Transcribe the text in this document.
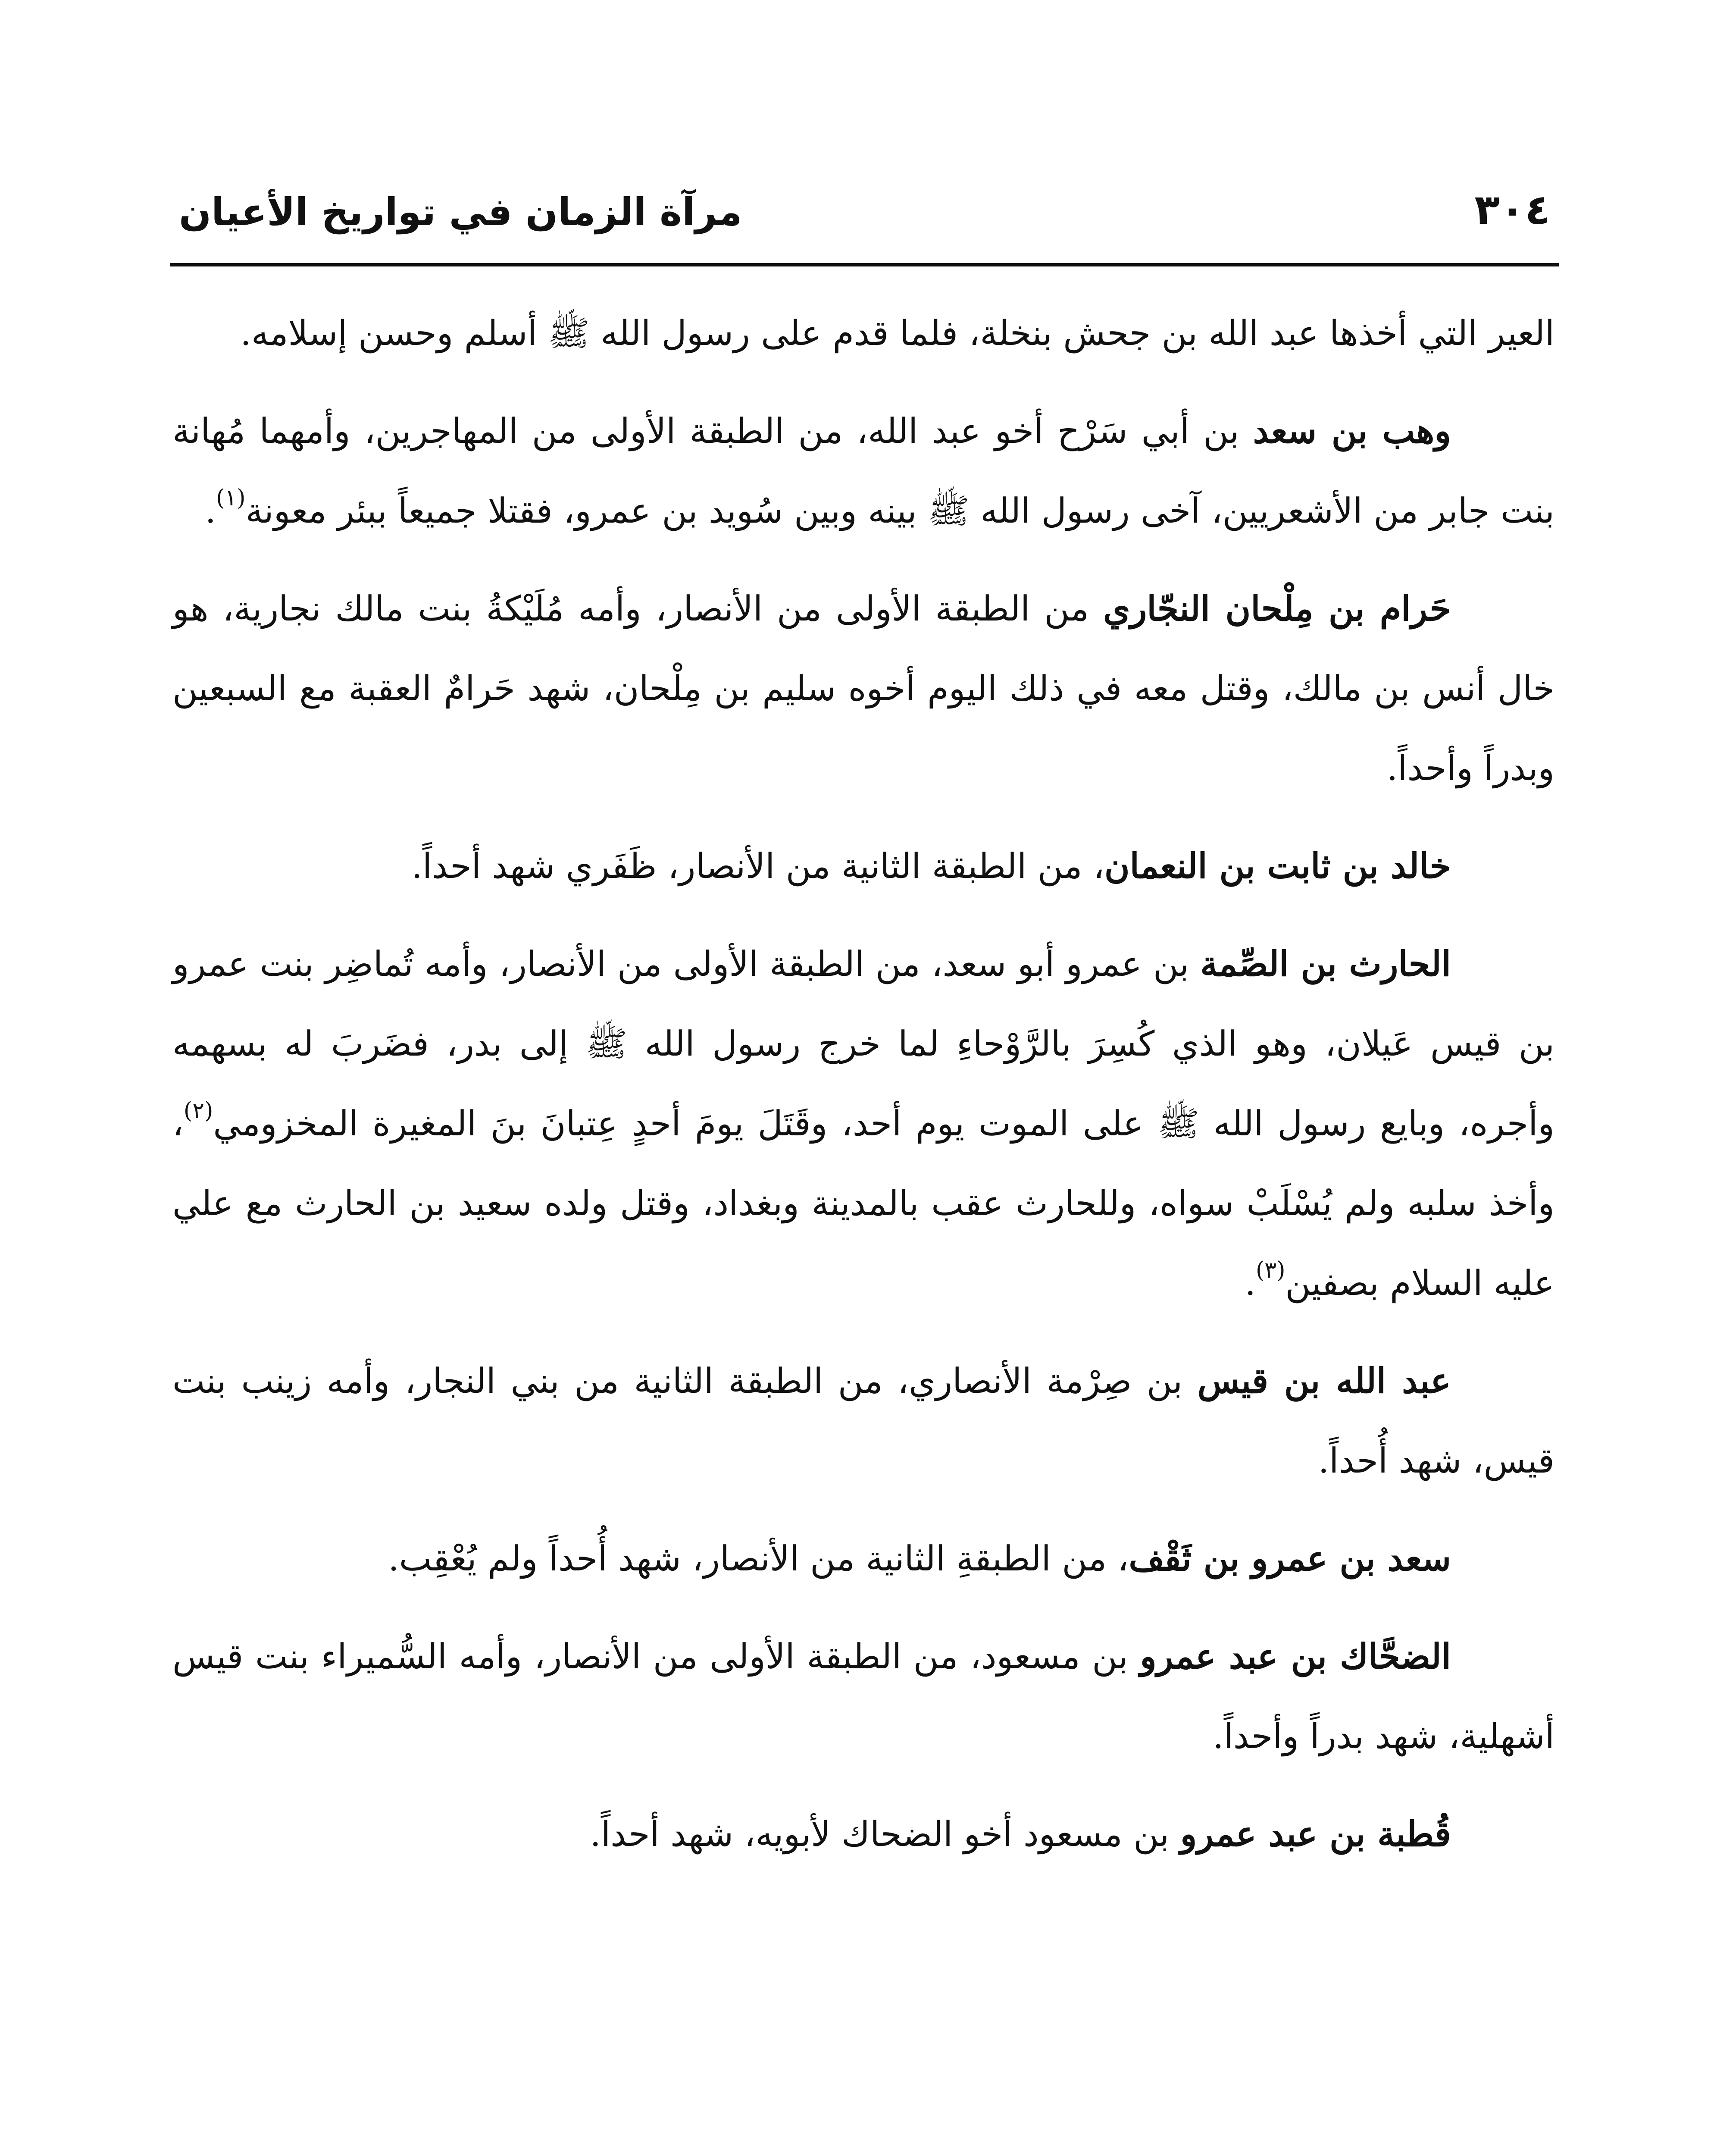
٣٠٤
مرآة الزمان في تواريخ الأعيان

العير التي أخذها عبد الله بن جحش بنخلة، فلما قدم على رسول الله ﷺ أسلم وحسن إسلامه.

وهب بن سعد بن أبي سَرْح أخو عبد الله، من الطبقة الأولى من المهاجرين، وأمهما مُهانة بنت جابر من الأشعريين، آخى رسول الله ﷺ بينه وبين سُويد بن عمرو، فقتلا جميعاً ببئر معونة$^{(١)}$.

حَرام بن مِلْحان النجّاري من الطبقة الأولى من الأنصار، وأمه مُلَيْكةُ بنت مالك نجارية، هو خال أنس بن مالك، وقتل معه في ذلك اليوم أخوه سليم بن مِلْحان، شهد حَرامٌ العقبة مع السبعين وبدراً وأحداً.

خالد بن ثابت بن النعمان، من الطبقة الثانية من الأنصار، ظَفَري شهد أحداً.

الحارث بن الصِّمة بن عمرو أبو سعد، من الطبقة الأولى من الأنصار، وأمه تُماضِر بنت عمرو بن قيس عَيلان، وهو الذي كُسِرَ بالرَّوْحاءِ لما خرج رسول الله ﷺ إلى بدر، فضَربَ له بسهمه وأجره، وبايع رسول الله ﷺ على الموت يوم أحد، وقَتَلَ يومَ أحدٍ عِتبانَ بنَ المغيرة المخزومي$^{(٢)}$، وأخذ سلبه ولم يُسْلَبْ سواه، وللحارث عقب بالمدينة وبغداد، وقتل ولده سعيد بن الحارث مع علي عليه السلام بصفين$^{(٣)}$.

عبد الله بن قيس بن صِرْمة الأنصاري، من الطبقة الثانية من بني النجار، وأمه زينب بنت قيس، شهد أُحداً.

سعد بن عمرو بن ثَقْف، من الطبقةِ الثانية من الأنصار، شهد أُحداً ولم يُعْقِب.

الضحَّاك بن عبد عمرو بن مسعود، من الطبقة الأولى من الأنصار، وأمه السُّميراء بنت قيس أشهلية، شهد بدراً وأحداً.

قُطبة بن عبد عمرو بن مسعود أخو الضحاك لأبويه، شهد أحداً.
